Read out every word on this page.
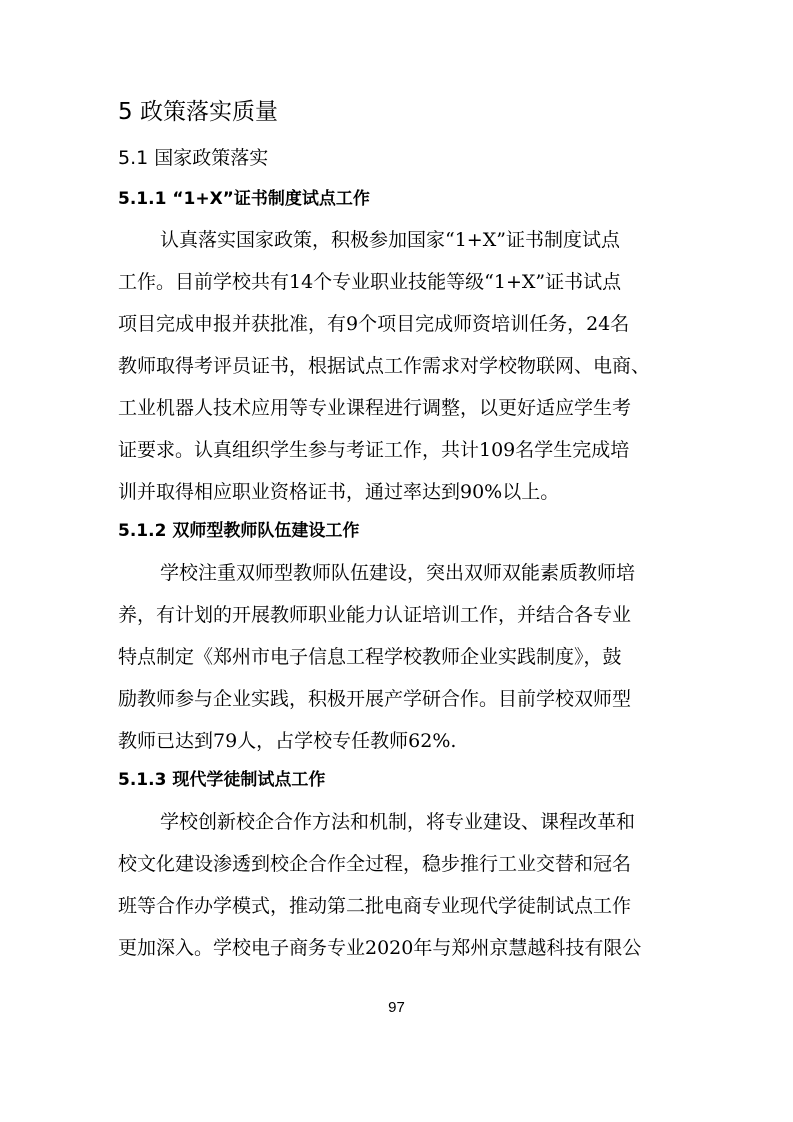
5 政策落实质量
5.1 国家政策落实
5.1.1 “1+X”证书制度试点工作
认真落实国家政策，积极参加国家“1+X”证书制度试点
工作。目前学校共有14个专业职业技能等级“1+X”证书试点
项目完成申报并获批准，有9个项目完成师资培训任务，24名
教师取得考评员证书，根据试点工作需求对学校物联网、电商、
工业机器人技术应用等专业课程进行调整，以更好适应学生考
证要求。认真组织学生参与考证工作，共计109名学生完成培
训并取得相应职业资格证书，通过率达到90%以上。
5.1.2 双师型教师队伍建设工作
学校注重双师型教师队伍建设，突出双师双能素质教师培
养，有计划的开展教师职业能力认证培训工作，并结合各专业
特点制定《郑州市电子信息工程学校教师企业实践制度》，鼓
励教师参与企业实践，积极开展产学研合作。目前学校双师型
教师已达到79人，占学校专任教师62%.
5.1.3 现代学徒制试点工作
学校创新校企合作方法和机制，将专业建设、课程改革和
校文化建设渗透到校企合作全过程，稳步推行工业交替和冠名
班等合作办学模式，推动第二批电商专业现代学徒制试点工作
更加深入。学校电子商务专业2020年与郑州京慧越科技有限公
97
